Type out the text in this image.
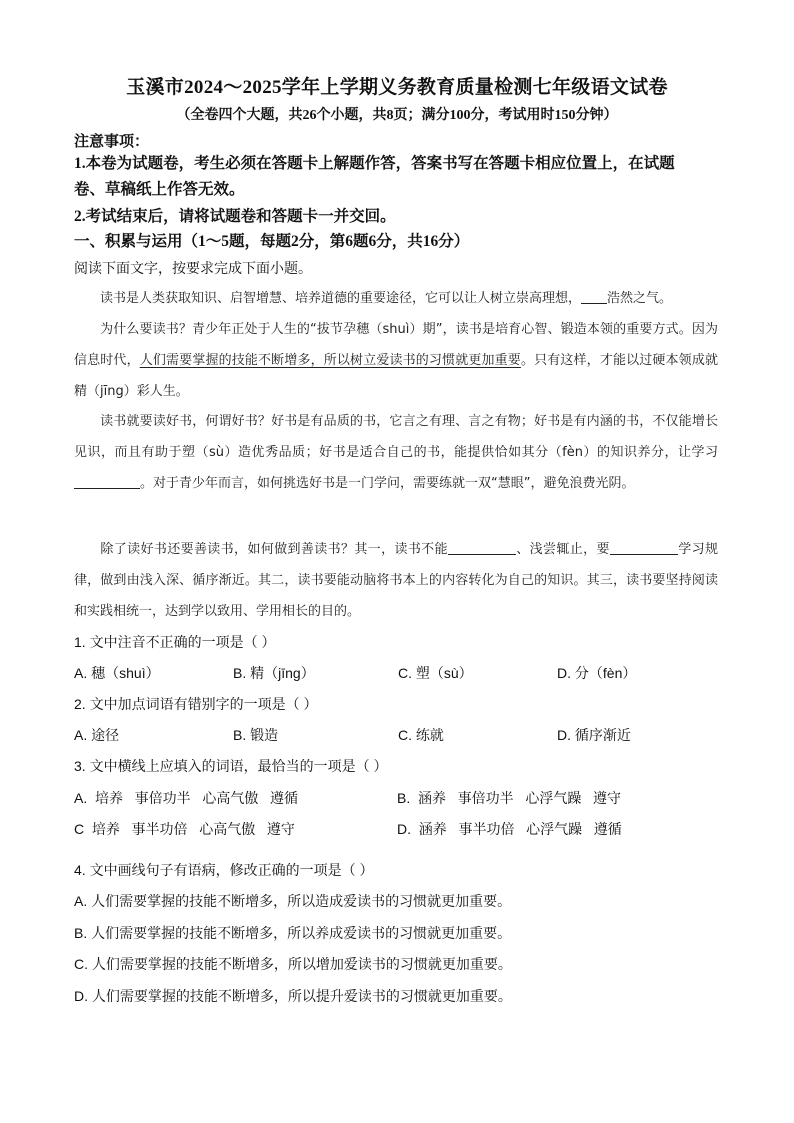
玉溪市2024～2025学年上学期义务教育质量检测七年级语文试卷
（全卷四个大题，共26个小题，共8页；满分100分，考试用时150分钟）
注意事项：
1.本卷为试题卷，考生必须在答题卡上解题作答，答案书写在答题卡相应位置上，在试题
卷、草稿纸上作答无效。
2.考试结束后，请将试题卷和答题卡一并交回。
一、积累与运用（1～5题，每题2分，第6题6分，共16分）
阅读下面文字，按要求完成下面小题。
读书是人类获取知识、启智增慧、培养道德的重要途径，它可以让人树立崇高理想， 浩然之气。
为什么要读书？青少年正处于人生的“拔节孕穗（shuì）期”，读书是培育心智、锻造本领的重要方式。因为信息时代，人们需要掌握的技能不断增多，所以树立爱读书的习惯就更加重要。只有这样，才能以过硬本领成就精（jīng）彩人生。
读书就要读好书，何谓好书？好书是有品质的书，它言之有理、言之有物；好书是有内涵的书，不仅能增长见识，而且有助于塑（sù）造优秀品质；好书是适合自己的书，能提供恰如其分（fèn）的知识养分，让学习。对于青少年而言，如何挑选好书是一门学问，需要练就一双“慧眼”，避免浪费光阴。
除了读好书还要善读书，如何做到善读书？其一，读书不能	、浅尝辄止，要	学习规律，做到由浅入深、循序渐近。其二，读书要能动脑将书本上的内容转化为自己的知识。其三，读书要坚持阅读和实践相统一，达到学以致用、学用相长的目的。
1. 文中注音不正确的一项是（ ）
A. 穗（shuì）	B. 精（jīng）	C. 塑（sù）	D. 分（fèn）
2. 文中加点词语有错别字的一项是（ ）
A. 途径	B. 锻造	C. 练就	D. 循序渐近
3. 文中横线上应填入的词语，最恰当的一项是（ ）
A.  培养   事倍功半   心高气傲   遵循	B.  涵养   事倍功半   心浮气躁   遵守
C  培养   事半功倍   心高气傲   遵守	D.  涵养   事半功倍   心浮气躁   遵循
4. 文中画线句子有语病，修改正确的一项是（ ）
A. 人们需要掌握的技能不断增多，所以造成爱读书的习惯就更加重要。
B. 人们需要掌握的技能不断增多，所以养成爱读书的习惯就更加重要。
C. 人们需要掌握的技能不断增多，所以增加爱读书的习惯就更加重要。
D. 人们需要掌握的技能不断增多，所以提升爱读书的习惯就更加重要。
